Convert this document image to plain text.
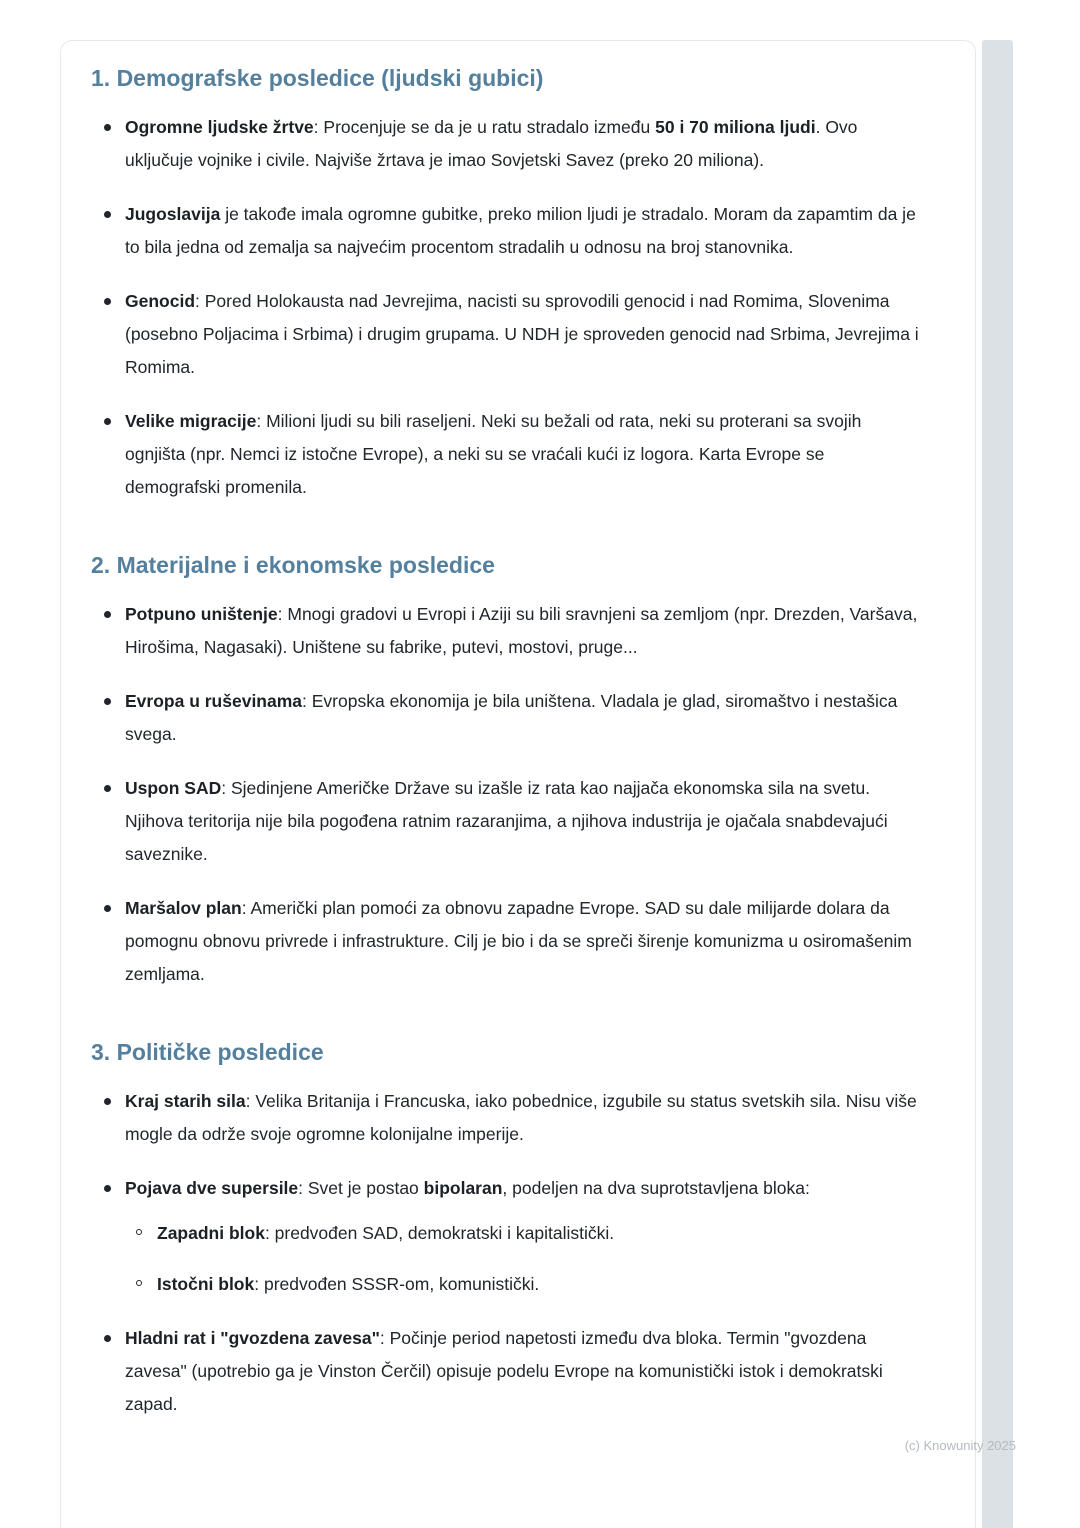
1. Demografske posledice (ljudski gubici)
Ogromne ljudske žrtve: Procenjuje se da je u ratu stradalo između 50 i 70 miliona ljudi. Ovo uključuje vojnike i civile. Najviše žrtava je imao Sovjetski Savez (preko 20 miliona).
Jugoslavija je takođe imala ogromne gubitke, preko milion ljudi je stradalo. Moram da zapamtim da je to bila jedna od zemalja sa najvećim procentom stradalih u odnosu na broj stanovnika.
Genocid: Pored Holokausta nad Jevrejima, nacisti su sprovodili genocid i nad Romima, Slovenima (posebno Poljacima i Srbima) i drugim grupama. U NDH je sproveden genocid nad Srbima, Jevrejima i Romima.
Velike migracije: Milioni ljudi su bili raseljeni. Neki su bežali od rata, neki su proterani sa svojih ognjišta (npr. Nemci iz istočne Evrope), a neki su se vraćali kući iz logora. Karta Evrope se demografski promenila.
2. Materijalne i ekonomske posledice
Potpuno uništenje: Mnogi gradovi u Evropi i Aziji su bili sravnjeni sa zemljom (npr. Drezden, Varšava, Hirošima, Nagasaki). Uništene su fabrike, putevi, mostovi, pruge...
Evropa u ruševinama: Evropska ekonomija je bila uništena. Vladala je glad, siromaštvo i nestašica svega.
Uspon SAD: Sjedinjene Američke Države su izašle iz rata kao najjača ekonomska sila na svetu. Njihova teritorija nije bila pogođena ratnim razaranjima, a njihova industrija je ojačala snabdevajući saveznike.
Maršalov plan: Američki plan pomoći za obnovu zapadne Evrope. SAD su dale milijarde dolara da pomognu obnovu privrede i infrastrukture. Cilj je bio i da se spreči širenje komunizma u osiromašenim zemljama.
3. Političke posledice
Kraj starih sila: Velika Britanija i Francuska, iako pobednice, izgubile su status svetskih sila. Nisu više mogle da održe svoje ogromne kolonijalne imperije.
Pojava dve supersile: Svet je postao bipolaran, podeljen na dva suprotstavljena bloka:
Zapadni blok: predvođen SAD, demokratski i kapitalistički.
Istočni blok: predvođen SSSR-om, komunistički.
Hladni rat i "gvozdena zavesa": Počinje period napetosti između dva bloka. Termin "gvozdena zavesa" (upotrebio ga je Vinston Čerčil) opisuje podelu Evrope na komunistički istok i demokratski zapad.
(c) Knowunity 2025
